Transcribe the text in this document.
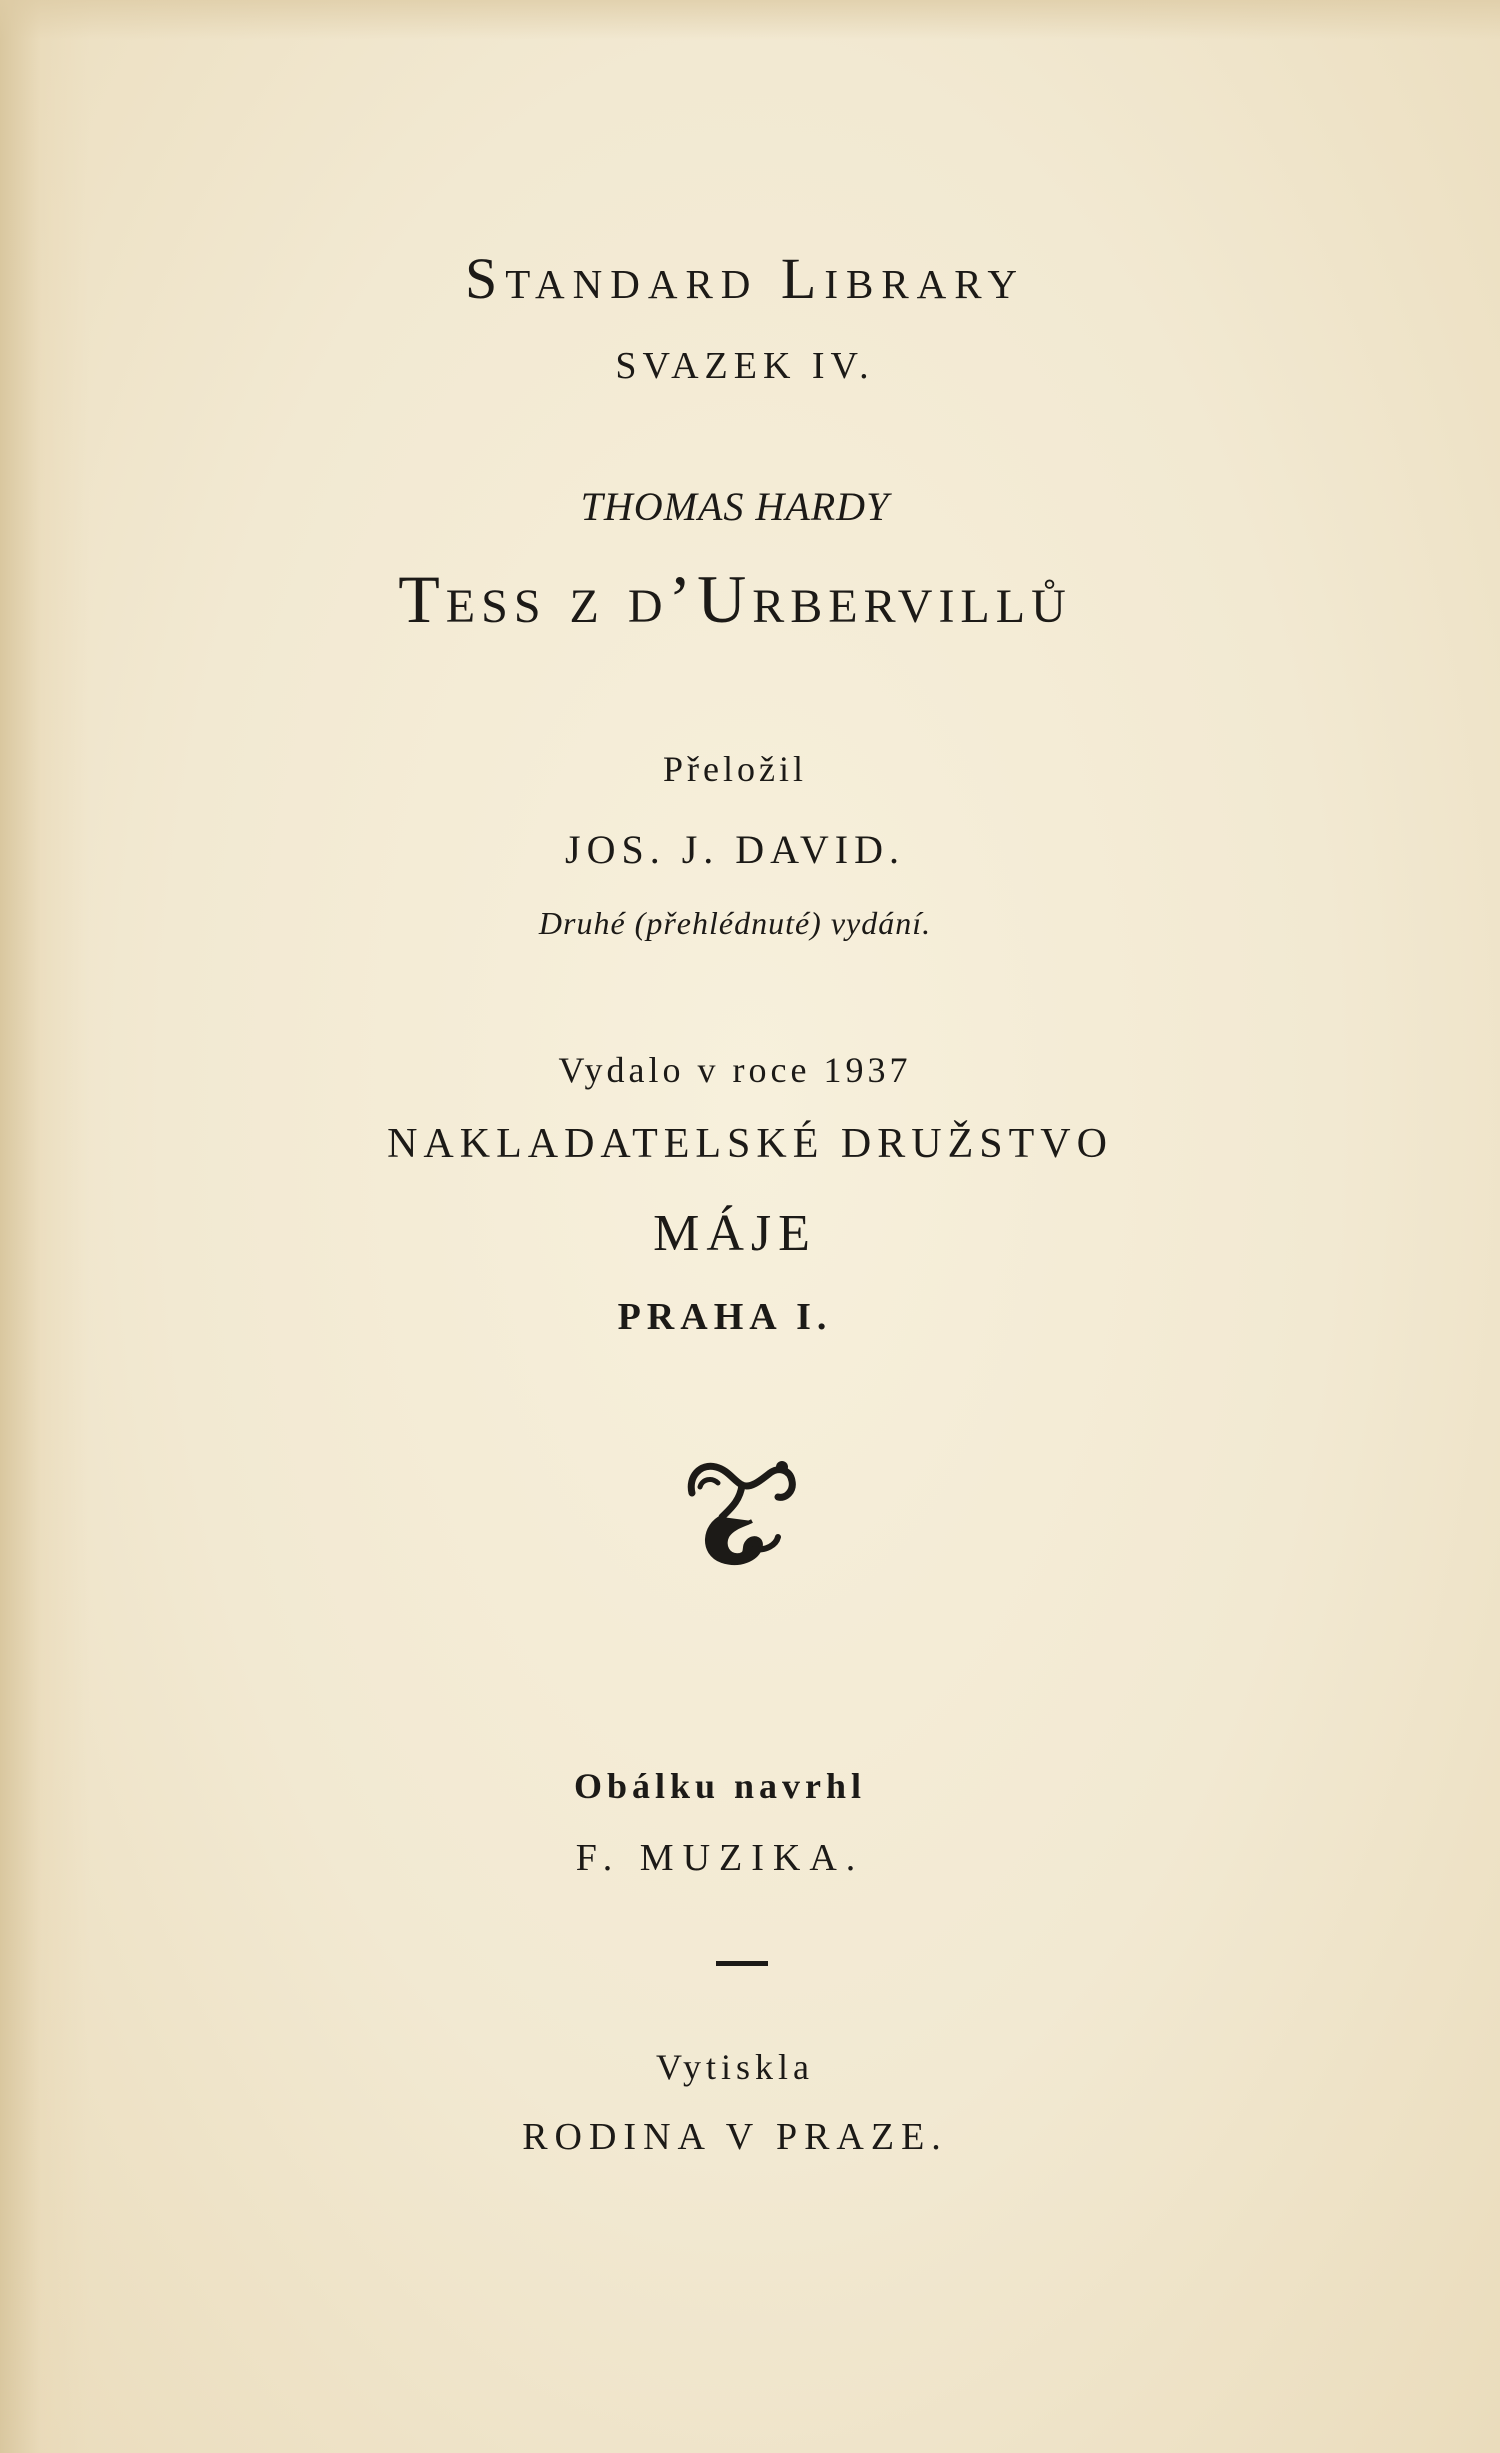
Standard Library
SVAZEK IV.
THOMAS HARDY
Tess z d’Urbervillů
Přeložil
JOS. J. DAVID.
Druhé (přehlédnuté) vydání.
Vydalo v roce 1937
NAKLADATELSKÉ DRUŽSTVO
MÁJE
PRAHA I.
Obálku navrhl
F. MUZIKA.
Vytiskla
RODINA V PRAZE.
